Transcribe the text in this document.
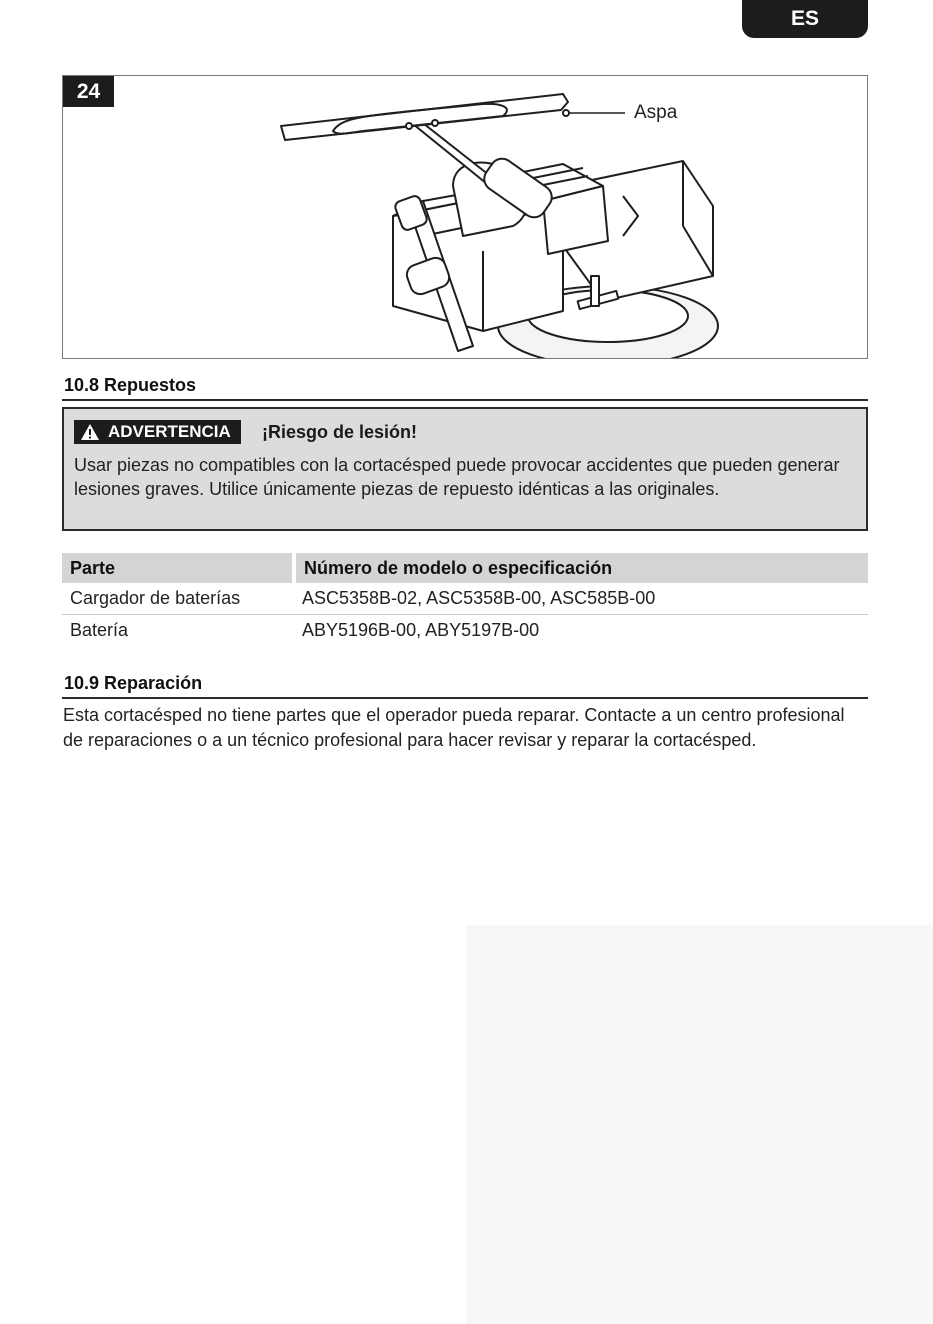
ES
24
Aspa
10.8 Repuestos
ADVERTENCIA ¡Riesgo de lesión!
Usar piezas no compatibles con la cortacésped puede provocar accidentes que pueden generar lesiones graves. Utilice únicamente piezas de repuesto idénticas a las originales.
Parte	Número de modelo o especificación
Cargador de baterías	ASC5358B-02, ASC5358B-00, ASC585B-00
Batería	ABY5196B-00, ABY5197B-00
10.9 Reparación
Esta cortacésped no tiene partes que el operador pueda reparar. Contacte a un centro profesional de reparaciones o a un técnico profesional para hacer revisar y reparar la cortacésped.
